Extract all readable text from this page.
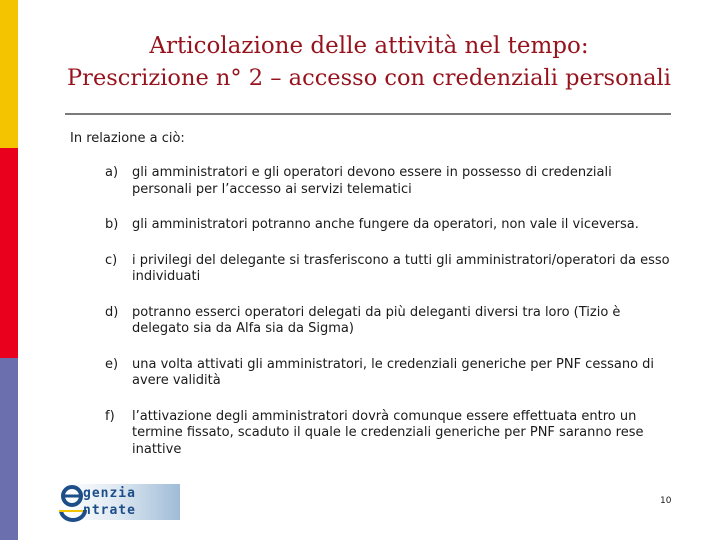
Articolazione delle attività nel tempo:
Prescrizione n° 2 – accesso con credenziali personali
In relazione a ciò:
a) gli amministratori e gli operatori devono essere in possesso di credenziali personali per l’accesso ai servizi telematici
b) gli amministratori potranno anche fungere da operatori, non vale il viceversa.
c) i privilegi del delegante si trasferiscono a tutti gli amministratori/operatori da esso individuati
d) potranno esserci operatori delegati da più deleganti diversi tra loro (Tizio è delegato sia da Alfa sia da Sigma)
e) una volta attivati gli amministratori, le credenziali generiche per PNF cessano di avere validità
f) l’attivazione degli amministratori dovrà comunque essere effettuata entro un termine fissato, scaduto il quale le credenziali generiche per PNF saranno rese inattive
genzia
ntrate
10
